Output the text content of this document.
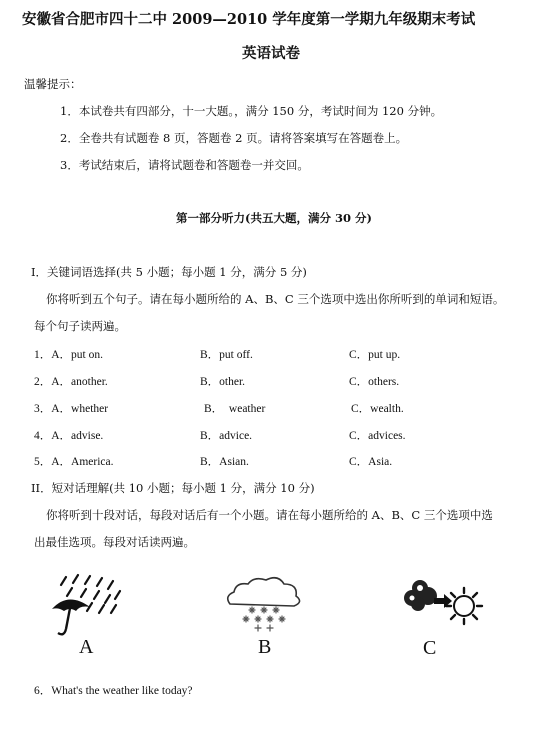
安徽省合肥市四十二中 2009—2010 学年度第一学期九年级期末考试
英语试卷
温馨提示：
1．本试卷共有四部分，十一大题。，满分 150 分，考试时间为 120 分钟。
2．全卷共有试题卷 8 页，答题卷 2 页。请将答案填写在答题卷上。
3．考试结束后，请将试题卷和答题卷一并交回。
第一部分听力(共五大题，满分 30 分)
I．关键词语选择(共 5 小题；每小题 1 分，满分 5 分)
你将听到五个句子。请在每小题所给的 A、B、C 三个选项中选出你所听到的单词和短语。
每个句子读两遍。
1．A．put on.	B．put off.	C．put up.
2．A．another.	B．other.	C．others.
3．A．whether	B．  weather	C．wealth.
4．A．advise.	B．advice.	C．advices.
5．A．America.	B．Asian.	C．Asia.
II．短对话理解(共 10 小题；每小题 1 分，满分 10 分)
你将听到十段对话，每段对话后有一个小题。请在每小题所给的 A、B、C 三个选项中选
出最佳选项。每段对话读两遍。
A	B	C
6．What's the weather like today?
